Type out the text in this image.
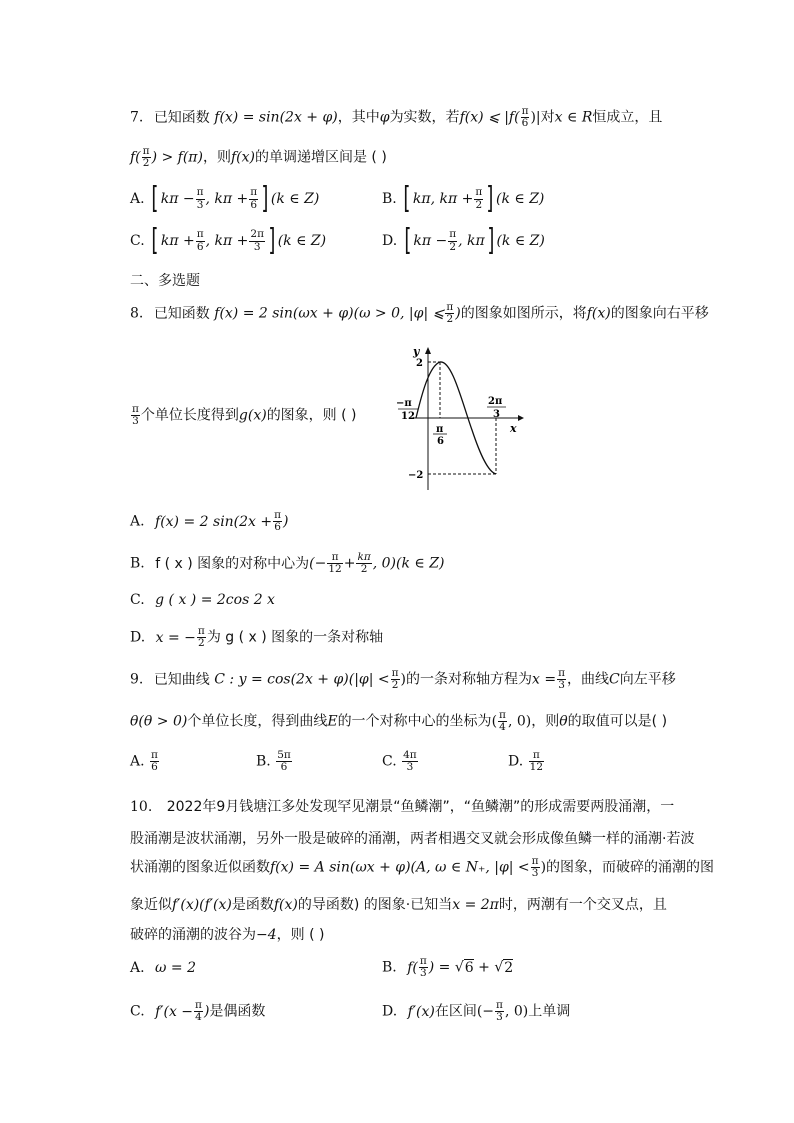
7. 已知函数 f(x) = sin(2x + φ)，其中φ为实数，若f(x) ⩽ $|f( \frac{\pi}{6}$ )|对x ∈ R恒成立，且
$f( \frac{\pi}{2}$ ) > f(π)，则f(x)的单调递增区间是 ( )
A. [ $k\pi - \frac{\pi}{3}$ , $k\pi + \frac{\pi}{6}$ ] (k ∈ Z)	B. [ kπ, $k\pi + \frac{\pi}{2}$ ] (k ∈ Z)
C. [ $k\pi + \frac{\pi}{6}$ , $k\pi + \frac{2\pi}{3}$ ] (k ∈ Z)	D. [ $k\pi - \frac{\pi}{2}$ , kπ] (k ∈ Z)
二、多选题
8. 已知函数 f(x) = 2 sin(ωx + φ)(ω > 0, |φ| ⩽ $\frac{\pi}{2}$ )的图象如图所示，将f(x)的图象向右平移
$\frac{\pi}{3}$ 个单位长度得到g(x)的图象，则 ( )
y
x
2
−2
−π
12
π
6
2π
3
A. f(x) = 2 $\sin(2x + \frac{\pi}{6}$ )
B. f ( x ) 图象的对称中心为(− $\frac{\pi}{12} + \frac{k\pi}{2}$ , 0)(k ∈ Z)
C. g ( x ) = 2cos 2 x
D. x = − $\frac{\pi}{2}$ 为 g ( x ) 图象的一条对称轴
9. 已知曲线 C : $y = \cos(2x + \varphi)(|\varphi| < \frac{\pi}{2}$ )的一条对称轴方程为$x = \frac{\pi}{3}$ ，曲线C向左平移
θ(θ > 0)个单位长度，得到曲线E的一个对称中心的坐标为( $\frac{\pi}{4}$ , 0)，则θ的取值可以是( )
A. $\frac{\pi}{6}$	B. $\frac{5\pi}{6}$	C. $\frac{4\pi}{3}$	D. $\frac{\pi}{12}$
10. 2022年9月钱塘江多处发现罕见潮景“鱼鳞潮”，“鱼鳞潮”的形成需要两股涌潮，一
股涌潮是波状涌潮，另外一股是破碎的涌潮，两者相遇交叉就会形成像鱼鳞一样的涌潮·若波
状涌潮的图象近似函数f(x) = A sin(ωx + φ)(A, ω ∈ N₊, $|\varphi| < \frac{\pi}{3}$ )的图象，而破碎的涌潮的图
象近似f′(x)(f′(x)是函数f(x)的导函数) 的图象·已知当x = 2π时，两潮有一个交叉点，且
破碎的涌潮的波谷为−4，则 ( )
A. ω = 2	B. $f( \frac{\pi}{3}$ ) = √6 + √2
C. $f'(x - \frac{\pi}{4}$ )是偶函数	D. f′(x)在区间(− $\frac{\pi}{3}$ , 0)上单调
